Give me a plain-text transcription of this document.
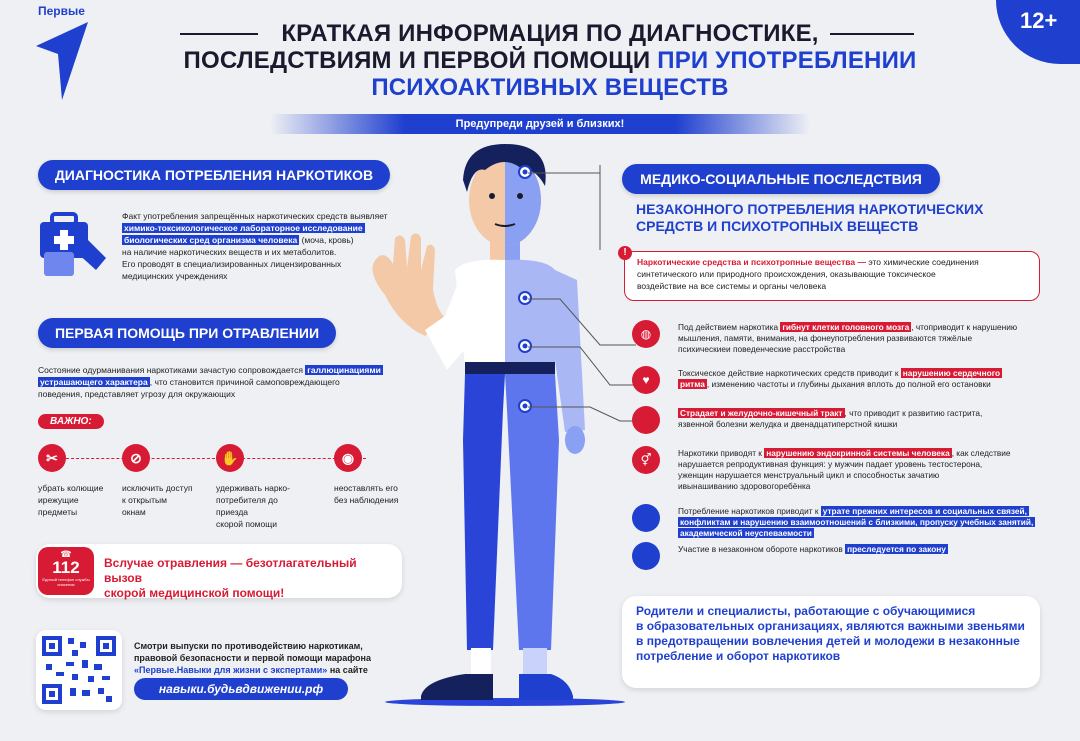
Первые	12+
КРАТКАЯ ИНФОРМАЦИЯ ПО ДИАГНОСТИКЕ,
ПОСЛЕДСТВИЯМ И ПЕРВОЙ ПОМОЩИ ПРИ УПОТРЕБЛЕНИИ
ПСИХОАКТИВНЫХ ВЕЩЕСТВ
Предупреди друзей и близких!
ДИАГНОСТИКА ПОТРЕБЛЕНИЯ НАРКОТИКОВ
Факт употребления запрещённых наркотических средств выявляет
химико-токсикологическое лабораторное исследование
биологических сред организма человека (моча, кровь)
на наличие наркотических веществ и их метаболитов.
Его проводят в специализированных лицензированных
медицинских учреждениях
ПЕРВАЯ ПОМОЩЬ ПРИ ОТРАВЛЕНИИ
Состояние одурманивания наркотиками зачастую сопровождается галлюцинациями
устрашающего характера , что становится причиной самоповреждающего
поведения, представляет угрозу для окружающих
ВАЖНО:
✂
убрать колющие
ирежущие
предметы
⊘
исключить доступ
к открытым
окнам
✋
удерживать нарко-
потребителя до приезда
скорой помощи
◉
неоставлять его
без наблюдения
☎
112
Единый телефон службы спасения
Вслучае отравления — безотлагательный вызов
скорой медицинской помощи!
Смотри выпуски по противодействию наркотикам,
правовой безопасности и первой помощи марафона
«Первые.Навыки для жизни с экспертами» на сайте
навыки.будьвдвижении.рф
МЕДИКО-СОЦИАЛЬНЫЕ ПОСЛЕДСТВИЯ
НЕЗАКОННОГО ПОТРЕБЛЕНИЯ НАРКОТИЧЕСКИХ
СРЕДСТВ И ПСИХОТРОПНЫХ ВЕЩЕСТВ
Наркотические средства и психотропные вещества — это химические соединения
синтетического или природного происхождения, оказывающие токсическое
воздействие на все системы и органы человека
!
◍	Под действием наркотика гибнут клетки головного мозга , чтоприводит к нарушению
мышления, памяти, внимания, на фонеупотребления развиваются тяжёлые
психическиеи поведенческие расстройства
♥	Токсическое действие наркотических средств приводит к нарушению сердечного
ритма , изменению частоты и глубины дыхания вплоть до полной его остановки
Страдает и желудочно-кишечный тракт , что приводит к развитию гастрита,
язвенной болезни желудка и двенадцатиперстной кишки
⚥	Наркотики приводят к нарушению эндокринной системы человека , как следствие
нарушается репродуктивная функция: у мужчин падает уровень тестостерона,
уженщин нарушается менструальный цикл и способностьк зачатию
ивынашиванию здоровогоребёнка
Потребление наркотиков приводит к утрате прежних интересов и социальных связей,
конфликтам и нарушению взаимоотношений с близкими, пропуску учебных занятий,
академической неуспеваемости
Участие в незаконном обороте наркотиков преследуется по закону
Родители и специалисты, работающие с обучающимися
в образовательных организациях, являются важными звеньями
в предотвращении вовлечения детей и молодежи в незаконные
потребление и оборот наркотиков
